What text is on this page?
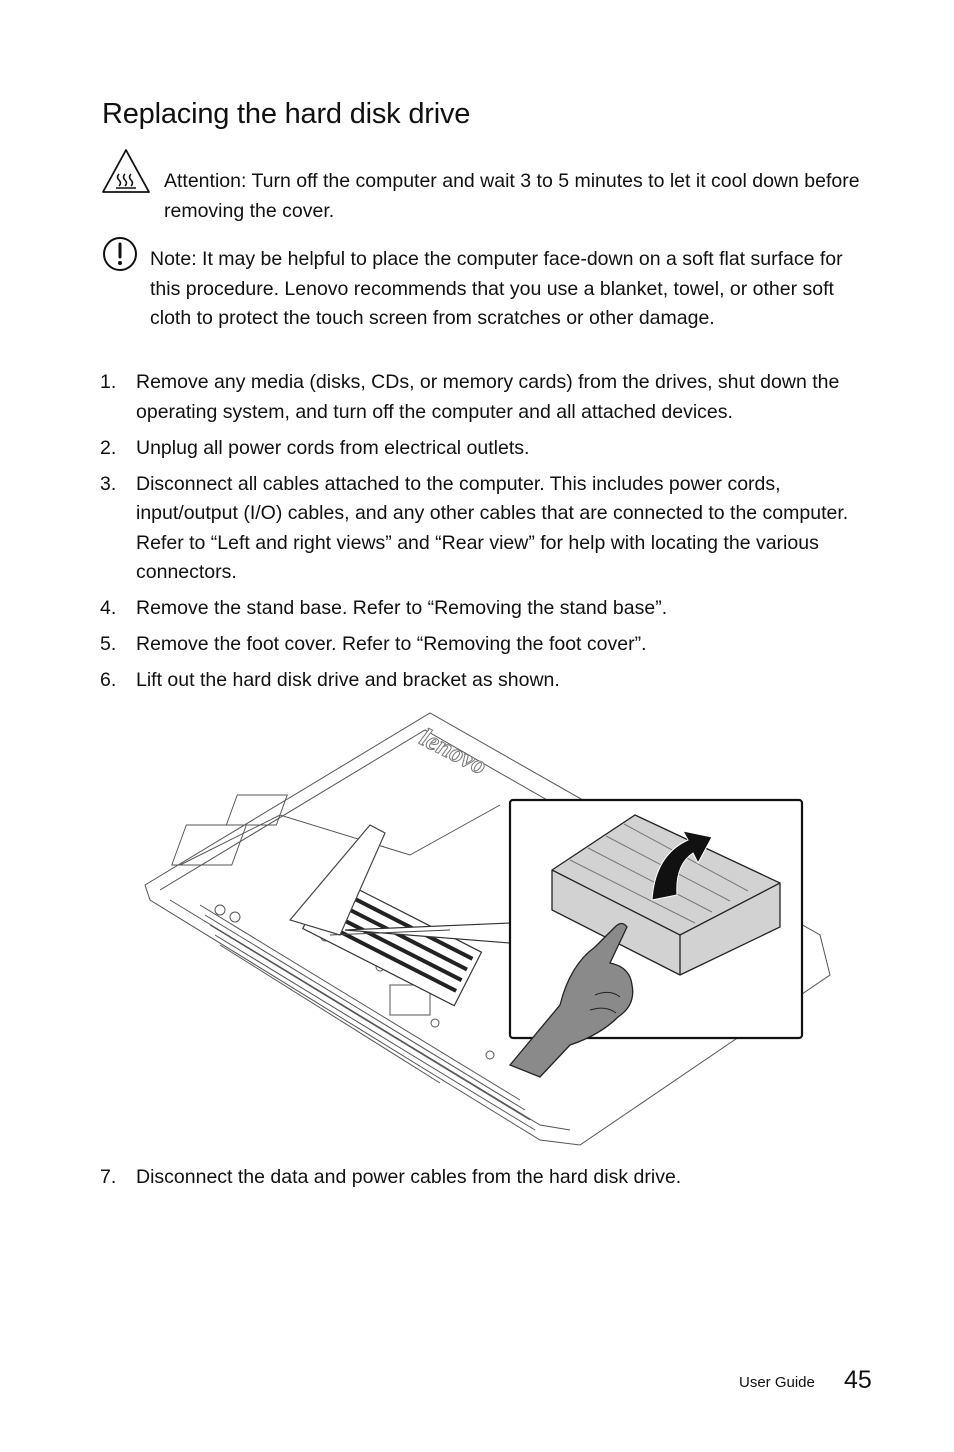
Replacing the hard disk drive

Attention: Turn off the computer and wait 3 to 5 minutes to let it cool down before removing the cover.

Note: It may be helpful to place the computer face-down on a soft flat surface for this procedure. Lenovo recommends that you use a blanket, towel, or other soft cloth to protect the touch screen from scratches or other damage.

1. Remove any media (disks, CDs, or memory cards) from the drives, shut down the operating system, and turn off the computer and all attached devices.
2. Unplug all power cords from electrical outlets.
3. Disconnect all cables attached to the computer. This includes power cords, input/output (I/O) cables, and any other cables that are connected to the computer. Refer to “Left and right views” and “Rear view” for help with locating the various connectors.
4. Remove the stand base. Refer to “Removing the stand base”.
5. Remove the foot cover. Refer to “Removing the foot cover”.
6. Lift out the hard disk drive and bracket as shown.
lenovo
7. Disconnect the data and power cables from the hard disk drive.
User Guide 45
